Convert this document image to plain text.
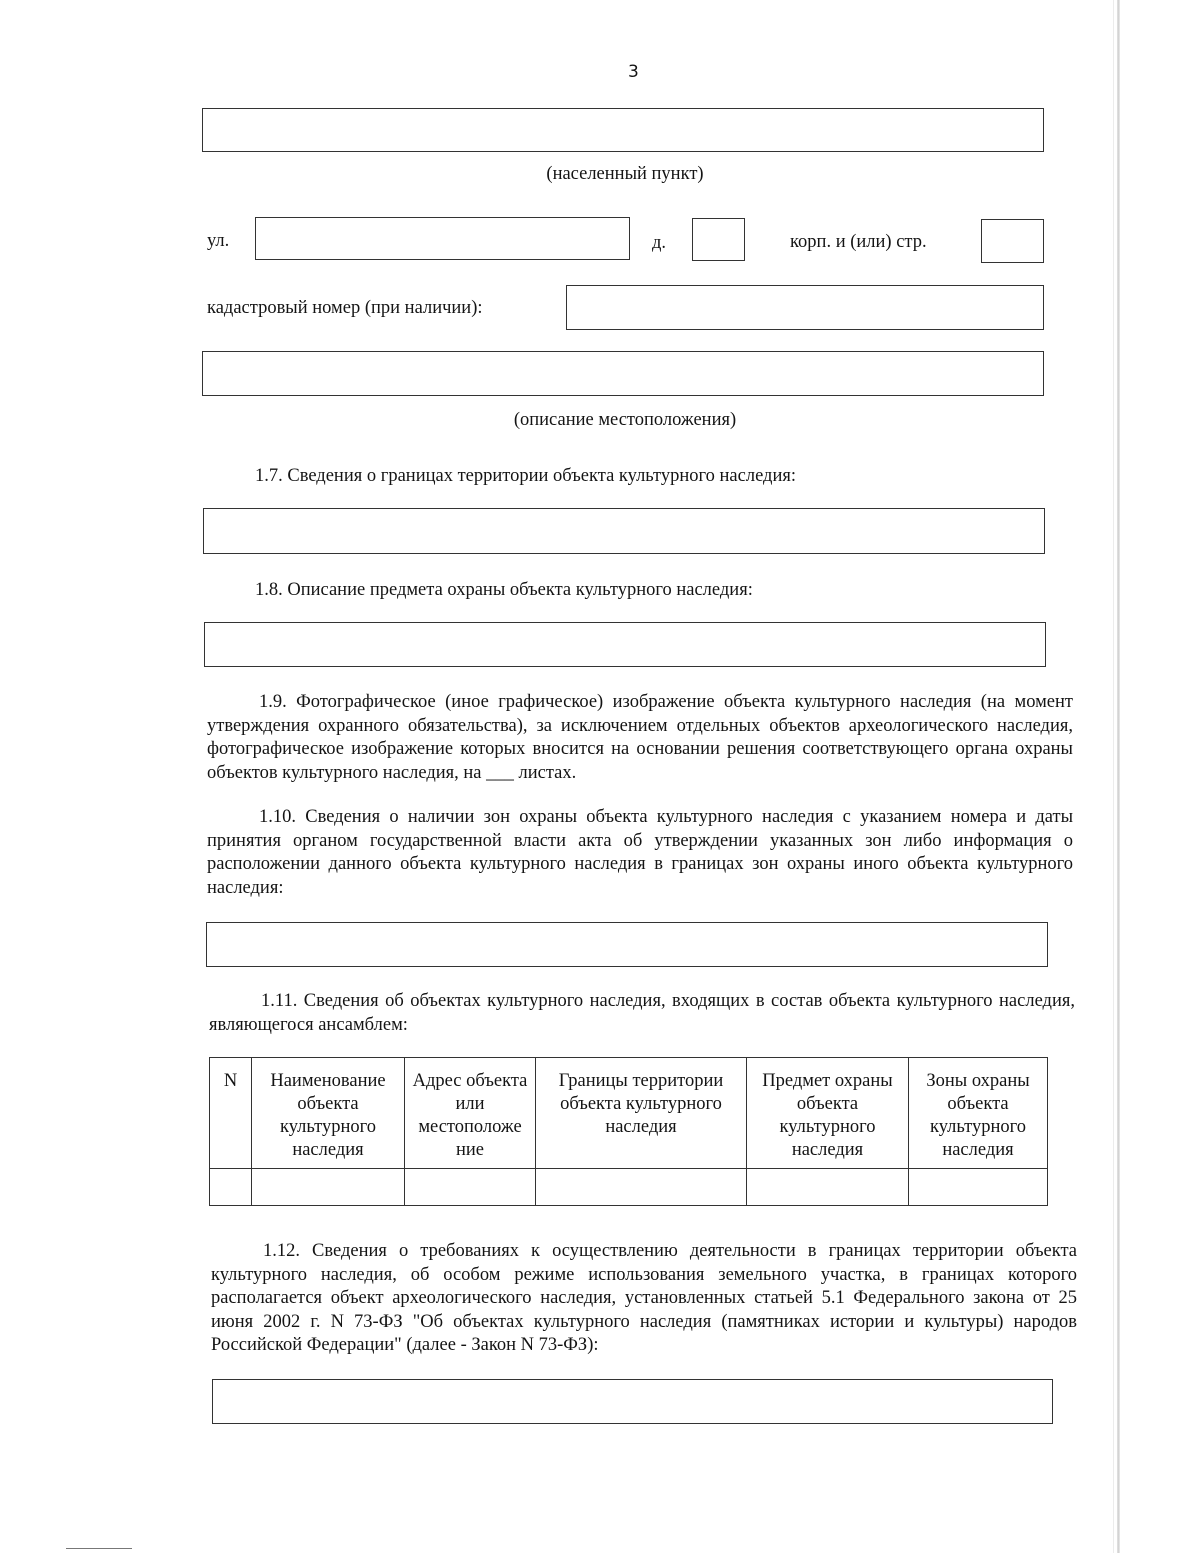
3
(населенный пункт)
ул.	д.	корп. и (или) стр.
кадастровый номер (при наличии):
(описание местоположения)
1.7. Сведения о границах территории объекта культурного наследия:
1.8. Описание предмета охраны объекта культурного наследия:
1.9. Фотографическое (иное графическое) изображение объекта культурного наследия (на момент утверждения охранного обязательства), за исключением отдельных объектов археологического наследия, фотографическое изображение которых вносится на основании решения соответствующего органа охраны объектов культурного наследия, на ___ листах.
1.10. Сведения о наличии зон охраны объекта культурного наследия с указанием номера и даты принятия органом государственной власти акта об утверждении указанных зон либо информация о расположении данного объекта культурного наследия в границах зон охраны иного объекта культурного наследия:
1.11. Сведения об объектах культурного наследия, входящих в состав объекта культурного наследия, являющегося ансамблем:
N	Наименование объекта культурного наследия	Адрес объекта или местоположе ние	Границы территории объекта культурного наследия	Предмет охраны объекта культурного наследия	Зоны охраны объекта культурного наследия

1.12. Сведения о требованиях к осуществлению деятельности в границах территории объекта культурного наследия, об особом режиме использования земельного участка, в границах которого располагается объект археологического наследия, установленных статьей 5.1 Федерального закона от 25 июня 2002 г. N 73-ФЗ "Об объектах культурного наследия (памятниках истории и культуры) народов Российской Федерации" (далее - Закон N 73-ФЗ):
